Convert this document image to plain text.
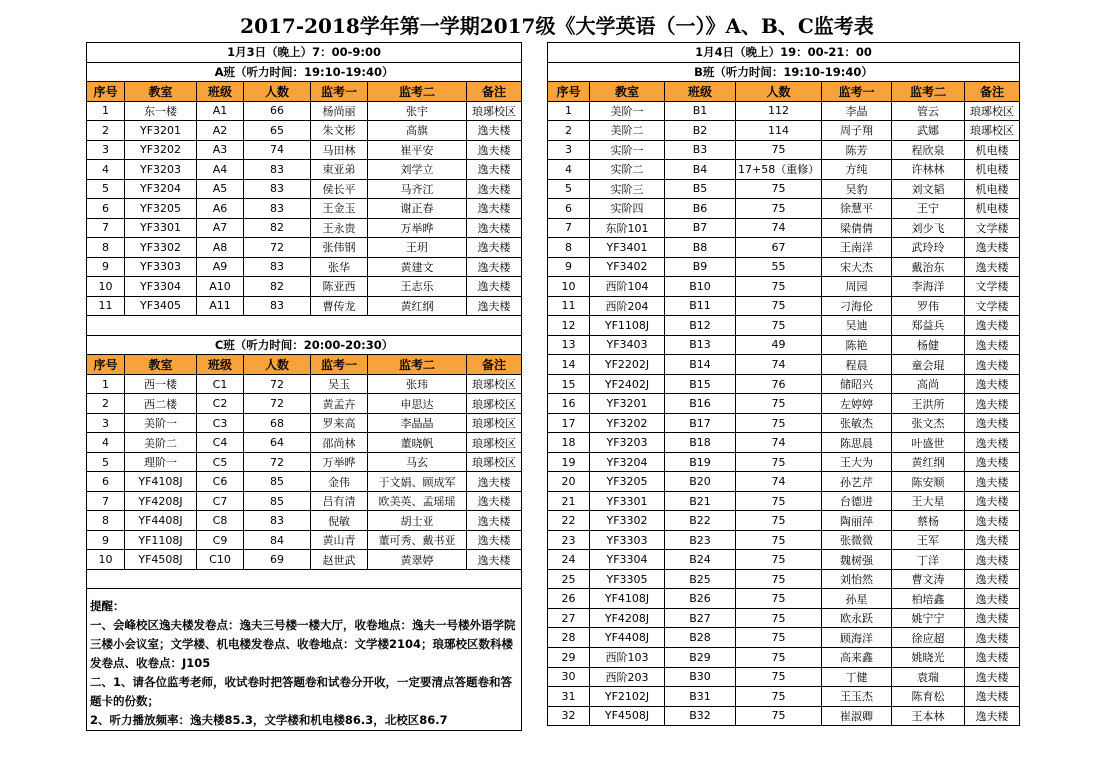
2017-2018学年第一学期2017级《大学英语（一）》A、B、C监考表
1月3日（晚上）7：00-9:00						
A班（听力时间：19:10-19:40）						
序号	教室	班级	人数	监考一	监考二	备注
1	东一楼	A1	66	杨尚丽	张宇	琅琊校区
2	YF3201	A2	65	朱文彬	高旗	逸夫楼
3	YF3202	A3	74	马田林	崔平安	逸夫楼
4	YF3203	A4	83	束亚弟	刘学立	逸夫楼
5	YF3204	A5	83	侯长平	马齐江	逸夫楼
6	YF3205	A6	83	王金玉	谢正春	逸夫楼
7	YF3301	A7	82	王永贵	万举晔	逸夫楼
8	YF3302	A8	72	张伟钢	王玥	逸夫楼
9	YF3303	A9	83	张华	黄建文	逸夫楼
10	YF3304	A10	82	陈亚西	王志乐	逸夫楼
11	YF3405	A11	83	曹传龙	黄红纲	逸夫楼

C班（听力时间：20:00-20:30）						
序号	教室	班级	人数	监考一	监考二	备注
1	西一楼	C1	72	吴玉	张玮	琅琊校区
2	西二楼	C2	72	黄孟卉	申思达	琅琊校区
3	美阶一	C3	68	罗来高	李晶晶	琅琊校区
4	美阶二	C4	64	邵尚林	董晓帆	琅琊校区
5	理阶一	C5	72	万举晔	马玄	琅琊校区
6	YF4108J	C6	85	金伟	于文娟、顾成军	逸夫楼
7	YF4208J	C7	85	吕有清	欧美英、孟瑶瑶	逸夫楼
8	YF4408J	C8	83	倪敏	胡士亚	逸夫楼
9	YF1108J	C9	84	黄山青	董可秀、戴书亚	逸夫楼
10	YF4508J	C10	69	赵世武	黄翠婷	逸夫楼

提醒：
一、会峰校区逸夫楼发卷点：逸夫三号楼一楼大厅，收卷地点：逸夫一号楼外语学院三楼小会议室；文学楼、机电楼发卷点、收卷地点：文学楼2104；琅琊校区数科楼发卷点、收卷点：J105
二、1、请各位监考老师，收试卷时把答题卷和试卷分开收，一定要清点答题卷和答题卡的份数；
2、听力播放频率：逸夫楼85.3，文学楼和机电楼86.3，北校区86.7						
1月4日（晚上）19：00-21：00						
B班（听力时间：19:10-19:40）						
序号	教室	班级	人数	监考一	监考二	备注
1	美阶一	B1	112	李晶	管云	琅琊校区
2	美阶二	B2	114	周子翔	武娜	琅琊校区
3	实阶一	B3	75	陈芳	程欣泉	机电楼
4	实阶二	B4	17+58（重修）	方纯	许林林	机电楼
5	实阶三	B5	75	吴豹	刘文韬	机电楼
6	实阶四	B6	75	徐慧平	王宁	机电楼
7	东阶101	B7	74	梁倩倩	刘少飞	文学楼
8	YF3401	B8	67	王南洋	武玲玲	逸夫楼
9	YF3402	B9	55	宋大杰	戴治东	逸夫楼
10	西阶104	B10	75	周园	李海洋	文学楼
11	西阶204	B11	75	刁海伦	罗伟	文学楼
12	YF1108J	B12	75	吴迪	郑益兵	逸夫楼
13	YF3403	B13	49	陈艳	杨健	逸夫楼
14	YF2202J	B14	74	程晨	童会琨	逸夫楼
15	YF2402J	B15	76	储昭兴	高尚	逸夫楼
16	YF3201	B16	75	左婷婷	王洪所	逸夫楼
17	YF3202	B17	75	张敏杰	张文杰	逸夫楼
18	YF3203	B18	74	陈思晨	叶盛世	逸夫楼
19	YF3204	B19	75	王大为	黄红纲	逸夫楼
20	YF3205	B20	74	孙艺芹	陈安顺	逸夫楼
21	YF3301	B21	75	台德进	王大星	逸夫楼
22	YF3302	B22	75	陶丽萍	蔡杨	逸夫楼
23	YF3303	B23	75	张微微	王军	逸夫楼
24	YF3304	B24	75	魏树强	丁洋	逸夫楼
25	YF3305	B25	75	刘怡然	曹文涛	逸夫楼
26	YF4108J	B26	75	孙星	柏培鑫	逸夫楼
27	YF4208J	B27	75	欧永跃	姚宁宁	逸夫楼
28	YF4408J	B28	75	顾海洋	徐应超	逸夫楼
29	西阶103	B29	75	高来鑫	姚晓光	逸夫楼
30	西阶203	B30	75	丁健	袁瑞	逸夫楼
31	YF2102J	B31	75	王玉杰	陈育松	逸夫楼
32	YF4508J	B32	75	崔淑卿	王本林	逸夫楼
